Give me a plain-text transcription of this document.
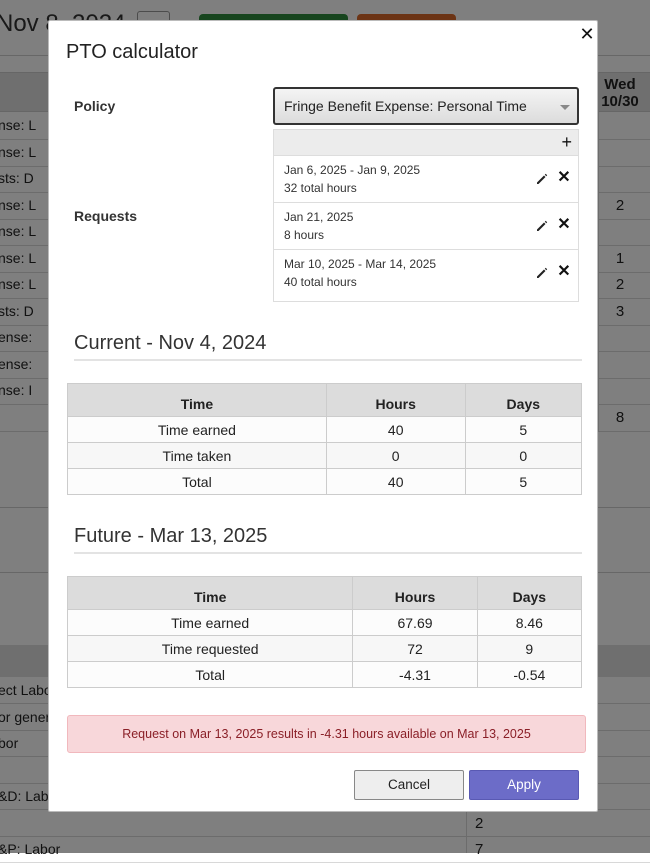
PTO calculator
✕
Policy	Fringe Benefit Expense: Personal Time
Requests
+
Jan 6, 2025 - Jan 9, 2025
32 total hours
✕
Jan 21, 2025
8 hours
✕
Mar 10, 2025 - Mar 14, 2025
40 total hours
✕
Current - Nov 4, 2024
Time	Hours	Days
Time earned	40	5
Time taken	0	0
Total	40	5
Future - Mar 13, 2025
Time	Hours	Days
Time earned	67.69	8.46
Time requested	72	9
Total	-4.31	-0.54
Request on Mar 13, 2025 results in -4.31 hours available on Mar 13, 2025
Cancel	Apply
